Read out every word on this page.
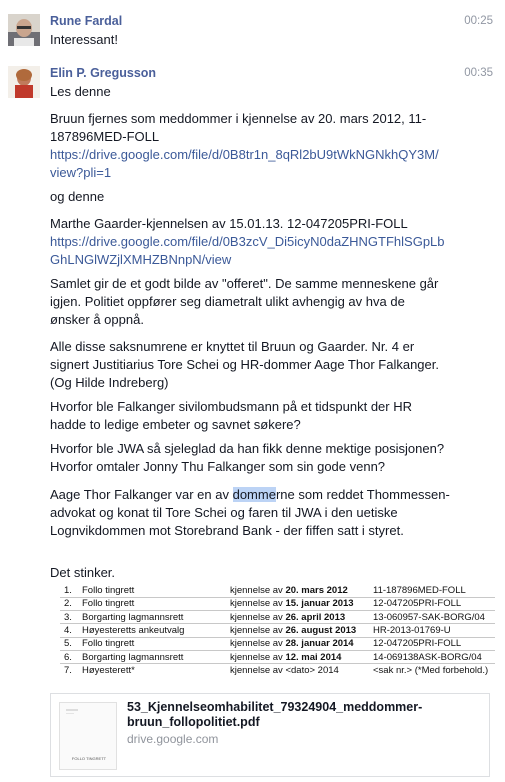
Rune Fardal	00:25
Interessant!
Elin P. Gregusson	00:35
Les denne
Bruun fjernes som meddommer i kjennelse av 20. mars 2012, 11-187896MED-FOLL
https://drive.google.com/file/d/0B8tr1n_8qRl2bU9tWkNGNkhQY3M/
view?pli=1
og denne
Marthe Gaarder-kjennelsen av 15.01.13. 12-047205PRI-FOLL
https://drive.google.com/file/d/0B3zcV_Di5icyN0daZHNGTFhlSGpLb
GhLNGlWZjlXMHZBNnpN/view
Samlet gir de et godt bilde av "offeret". De samme menneskene går igjen. Politiet oppfører seg diametralt ulikt avhengig av hva de ønsker å oppnå.
Alle disse saksnumrene er knyttet til Bruun og Gaarder. Nr. 4 er signert Justitiarius Tore Schei og HR-dommer Aage Thor Falkanger. (Og Hilde Indreberg)
Hvorfor ble Falkanger sivilombudsmann på et tidspunkt der HR hadde to ledige embeter og savnet søkere?
Hvorfor ble JWA så sjeleglad da han fikk denne mektige posisjonen? Hvorfor omtaler Jonny Thu Falkanger som sin gode venn?
Aage Thor Falkanger var en av dommerne som reddet Thommessen-advokat og konat til Tore Schei og faren til JWA i den uetiske Lognvikdommen mot Storebrand Bank - der fiffen satt i styret.
Det stinker.
1. Follo tingrett	kjennelse av 20. mars 2012	11-187896MED-FOLL
2. Follo tingrett	kjennelse av 15. januar 2013 12-047205PRI-FOLL
3. Borgarting lagmannsrett	kjennelse av 26. april 2013	13-060957-SAK-BORG/04
4. Høyesteretts ankeutvalg	kjennelse av 26. august 2013 HR-2013-01769-U
5. Follo tingrett	kjennelse av 28. januar 2014 12-047205PRI-FOLL
6. Borgarting lagmannsrett	kjennelse av 12. mai 2014	14-069138ASK-BORG/04
7. Høyesterett*	kjennelse av <dato> 2014	<sak nr.> (*Med forbehold.)
FOLLO TINGRETT
53_Kjennelseomhabilitet_79324904_meddommer-bruun_follopolitiet.pdf
drive.google.com
